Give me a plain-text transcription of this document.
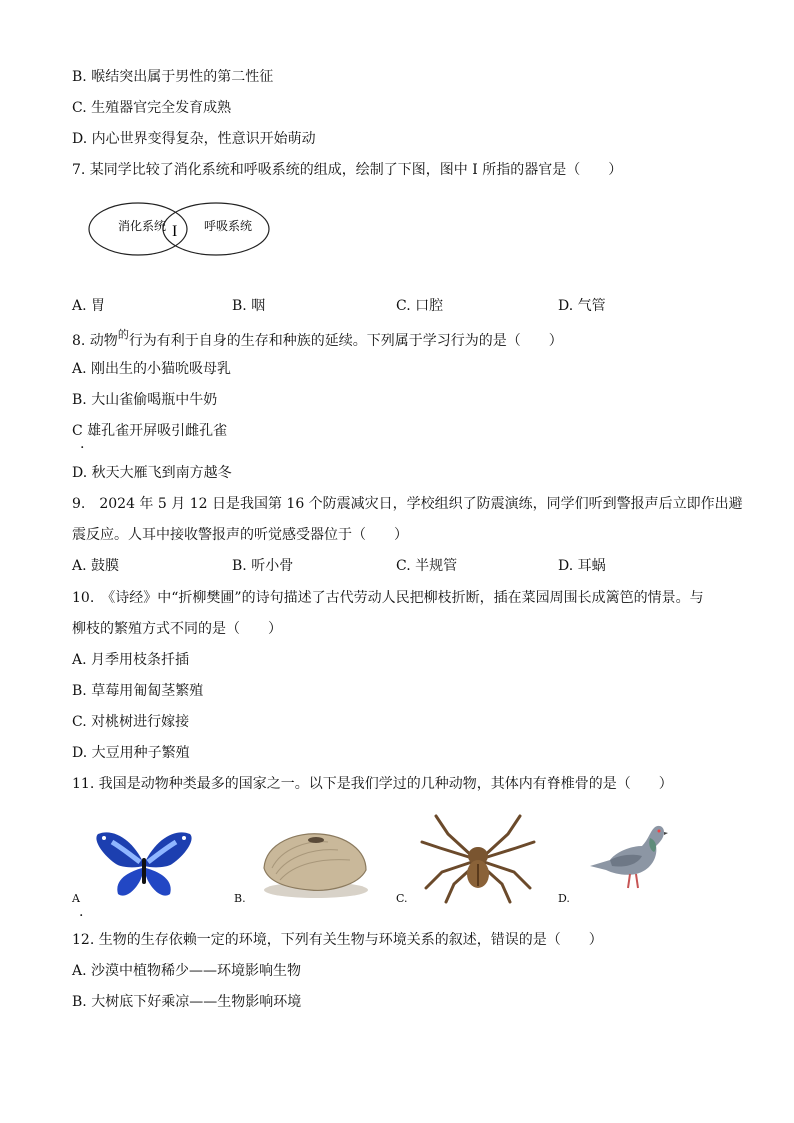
B. 喉结突出属于男性的第二性征
C. 生殖器官完全发育成熟
D. 内心世界变得复杂，性意识开始萌动
7. 某同学比较了消化系统和呼吸系统的组成，绘制了下图，图中 I 所指的器官是（　　）
消化系统 I 呼吸系统
A. 胃	B. 咽	C. 口腔	D. 气管
8. 动物$^的$行为有利于自身的生存和种族的延续。下列属于学习行为的是（　　）
A. 刚出生的小猫吮吸母乳
B. 大山雀偷喝瓶中牛奶
C 雄孔雀开屏吸引雌孔雀
.
D. 秋天大雁飞到南方越冬
9.　2024 年 5 月 12 日是我国第 16 个防震减灾日，学校组织了防震演练，同学们听到警报声后立即作出避
震反应。人耳中接收警报声的听觉感受器位于（　　）
A. 鼓膜	B. 听小骨	C. 半规管	D. 耳蜗
10.　《诗经》中“折柳樊圃”的诗句描述了古代劳动人民把柳枝折断，插在菜园周围长成篱笆的情景。与
柳枝的繁殖方式不同的是（　　）
A. 月季用枝条扦插
B. 草莓用匍匐茎繁殖
C. 对桃树进行嫁接
D. 大豆用种子繁殖
11. 我国是动物种类最多的国家之一。以下是我们学过的几种动物，其体内有脊椎骨的是（　　）
A
.
B.	C.	D.
12. 生物的生存依赖一定的环境，下列有关生物与环境关系的叙述，错误的是（　　）
A. 沙漠中植物稀少——环境影响生物
B. 大树底下好乘凉——生物影响环境
